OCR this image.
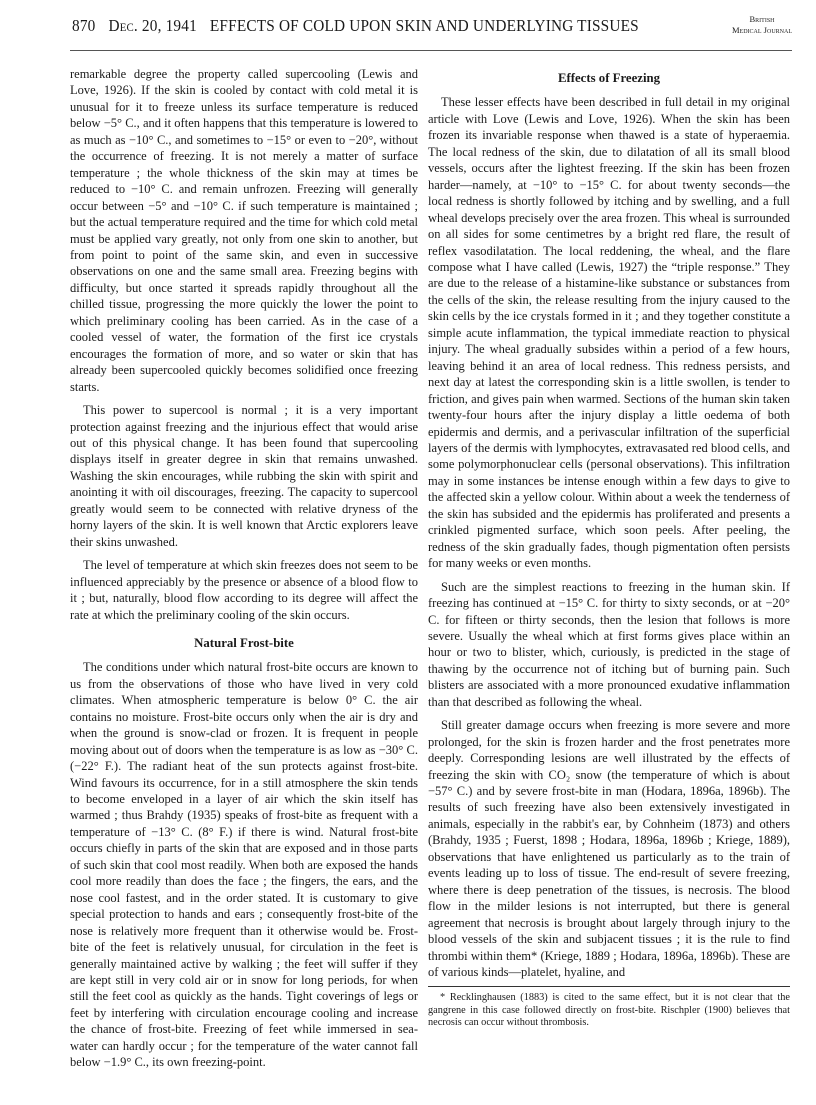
870 Dec. 20, 1941 EFFECTS OF COLD UPON SKIN AND UNDERLYING TISSUES	British
Medical Journal

remarkable degree the property called supercooling (Lewis and Love, 1926). If the skin is cooled by contact with cold metal it is unusual for it to freeze unless its surface temperature is reduced below −5° C., and it often happens that this temperature is lowered to as much as −10° C., and sometimes to −15° or even to −20°, without the occurrence of freezing. It is not merely a matter of surface temperature ; the whole thickness of the skin may at times be reduced to −10° C. and remain unfrozen. Freezing will generally occur between −5° and −10° C. if such temperature is maintained ; but the actual temperature required and the time for which cold metal must be applied vary greatly, not only from one skin to another, but from point to point of the same skin, and even in successive observations on one and the same small area. Freezing begins with difficulty, but once started it spreads rapidly throughout all the chilled tissue, progressing the more quickly the lower the point to which preliminary cooling has been carried. As in the case of a cooled vessel of water, the formation of the first ice crystals encourages the formation of more, and so water or skin that has already been supercooled quickly becomes solidified once freezing starts.

This power to supercool is normal ; it is a very important protection against freezing and the injurious effect that would arise out of this physical change. It has been found that supercooling displays itself in greater degree in skin that remains unwashed. Washing the skin encourages, while rubbing the skin with spirit and anointing it with oil discourages, freezing. The capacity to supercool greatly would seem to be connected with relative dryness of the horny layers of the skin. It is well known that Arctic explorers leave their skins unwashed.

The level of temperature at which skin freezes does not seem to be influenced appreciably by the presence or absence of a blood flow to it ; but, naturally, blood flow according to its degree will affect the rate at which the preliminary cooling of the skin occurs.

Natural Frost-bite

The conditions under which natural frost-bite occurs are known to us from the observations of those who have lived in very cold climates. When atmospheric temperature is below 0° C. the air contains no moisture. Frost-bite occurs only when the air is dry and when the ground is snow-clad or frozen. It is frequent in people moving about out of doors when the temperature is as low as −30° C. (−22° F.). The radiant heat of the sun protects against frost-bite. Wind favours its occurrence, for in a still atmosphere the skin tends to become enveloped in a layer of air which the skin itself has warmed ; thus Brahdy (1935) speaks of frost-bite as frequent with a temperature of −13° C. (8° F.) if there is wind. Natural frost-bite occurs chiefly in parts of the skin that are exposed and in those parts of such skin that cool most readily. When both are exposed the hands cool more readily than does the face ; the fingers, the ears, and the nose cool fastest, and in the order stated. It is customary to give special protection to hands and ears ; consequently frost-bite of the nose is relatively more frequent than it otherwise would be. Frost-bite of the feet is relatively unusual, for circulation in the feet is generally maintained active by walking ; the feet will suffer if they are kept still in very cold air or in snow for long periods, for when still the feet cool as quickly as the hands. Tight coverings of legs or feet by interfering with circulation encourage cooling and increase the chance of frost-bite. Freezing of feet while immersed in sea-water can hardly occur ; for the temperature of the water cannot fall below −1.9° C., its own freezing-point.

Effects of Freezing

These lesser effects have been described in full detail in my original article with Love (Lewis and Love, 1926). When the skin has been frozen its invariable response when thawed is a state of hyperaemia. The local redness of the skin, due to dilatation of all its small blood vessels, occurs after the lightest freezing. If the skin has been frozen harder—namely, at −10° to −15° C. for about twenty seconds—the local redness is shortly followed by itching and by swelling, and a full wheal develops precisely over the area frozen. This wheal is surrounded on all sides for some centimetres by a bright red flare, the result of reflex vasodilatation. The local reddening, the wheal, and the flare compose what I have called (Lewis, 1927) the “triple response.” They are due to the release of a histamine-like substance or substances from the cells of the skin, the release resulting from the injury caused to the skin cells by the ice crystals formed in it ; and they together constitute a simple acute inflammation, the typical immediate reaction to physical injury. The wheal gradually subsides within a period of a few hours, leaving behind it an area of local redness. This redness persists, and next day at latest the corresponding skin is a little swollen, is tender to friction, and gives pain when warmed. Sections of the human skin taken twenty-four hours after the injury display a little oedema of both epidermis and dermis, and a perivascular infiltration of the superficial layers of the dermis with lymphocytes, extravasated red blood cells, and some polymorphonuclear cells (personal observations). This infiltration may in some instances be intense enough within a few days to give to the affected skin a yellow colour. Within about a week the tenderness of the skin has subsided and the epidermis has proliferated and presents a crinkled pigmented surface, which soon peels. After peeling, the redness of the skin gradually fades, though pigmentation often persists for many weeks or even months.

Such are the simplest reactions to freezing in the human skin. If freezing has continued at −15° C. for thirty to sixty seconds, or at −20° C. for fifteen or thirty seconds, then the lesion that follows is more severe. Usually the wheal which at first forms gives place within an hour or two to blister, which, curiously, is predicted in the stage of thawing by the occurrence not of itching but of burning pain. Such blisters are associated with a more pronounced exudative inflammation than that described as following the wheal.

Still greater damage occurs when freezing is more severe and more prolonged, for the skin is frozen harder and the frost penetrates more deeply. Corresponding lesions are well illustrated by the effects of freezing the skin with CO₂ snow (the temperature of which is about −57° C.) and by severe frost-bite in man (Hodara, 1896a, 1896b). The results of such freezing have also been extensively investigated in animals, especially in the rabbit's ear, by Cohnheim (1873) and others (Brahdy, 1935 ; Fuerst, 1898 ; Hodara, 1896a, 1896b ; Kriege, 1889), observations that have enlightened us particularly as to the train of events leading up to loss of tissue. The end-result of severe freezing, where there is deep penetration of the tissues, is necrosis. The blood flow in the milder lesions is not interrupted, but there is general agreement that necrosis is brought about largely through injury to the blood vessels of the skin and subjacent tissues ; it is the rule to find thrombi within them* (Kriege, 1889 ; Hodara, 1896a, 1896b). These are of various kinds—platelet, hyaline, and

* Recklinghausen (1883) is cited to the same effect, but it is not clear that the gangrene in this case followed directly on frost-bite. Rischpler (1900) believes that necrosis can occur without thrombosis.
